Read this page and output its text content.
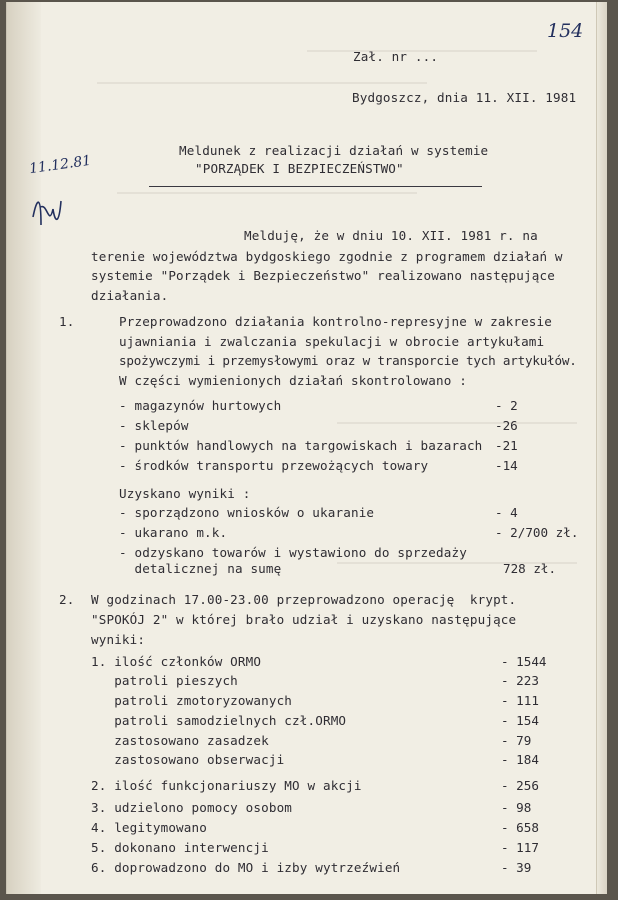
154
11.12.81
Zał. nr ...
Bydgoszcz, dnia 11. XII. 1981
Meldunek z realizacji działań w systemie
"PORZĄDEK I BEZPIECZEŃSTWO"
Melduję, że w dniu 10. XII. 1981 r. na
terenie województwa bydgoskiego zgodnie z programem działań w
systemie "Porządek i Bezpieczeństwo" realizowano następujące
działania.
1.	Przeprowadzono działania kontrolno-represyjne w zakresie
ujawniania i zwalczania spekulacji w obrocie artykułami
spożywczymi i przemysłowymi oraz w transporcie tych artykułów.
W części wymienionych działań skontrolowano :
- magazynów hurtowych	- 2
- sklepów	-26
- punktów handlowych na targowiskach i bazarach -21
- środków transportu przewożących towary	-14
Uzyskano wyniki :
- sporządzono wniosków o ukaranie	- 4
- ukarano m.k.	- 2/700 zł.
- odzyskano towarów i wystawiono do sprzedaży
detalicznej na sumę	728 zł.
2. W godzinach 17.00-23.00 przeprowadzono operację  krypt.
"SPOKÓJ 2" w której brało udział i uzyskano następujące
wyniki:
1. ilość członków ORMO	- 1544
patroli pieszych	- 223
patroli zmotoryzowanych	- 111
patroli samodzielnych czł.ORMO	- 154
zastosowano zasadzek	- 79
zastosowano obserwacji	- 184
2. ilość funkcjonariuszy MO w akcji	- 256
3. udzielono pomocy osobom	- 98
4. legitymowano	- 658
5. dokonano interwencji	- 117
6. doprowadzono do MO i izby wytrzeźwień	- 39
